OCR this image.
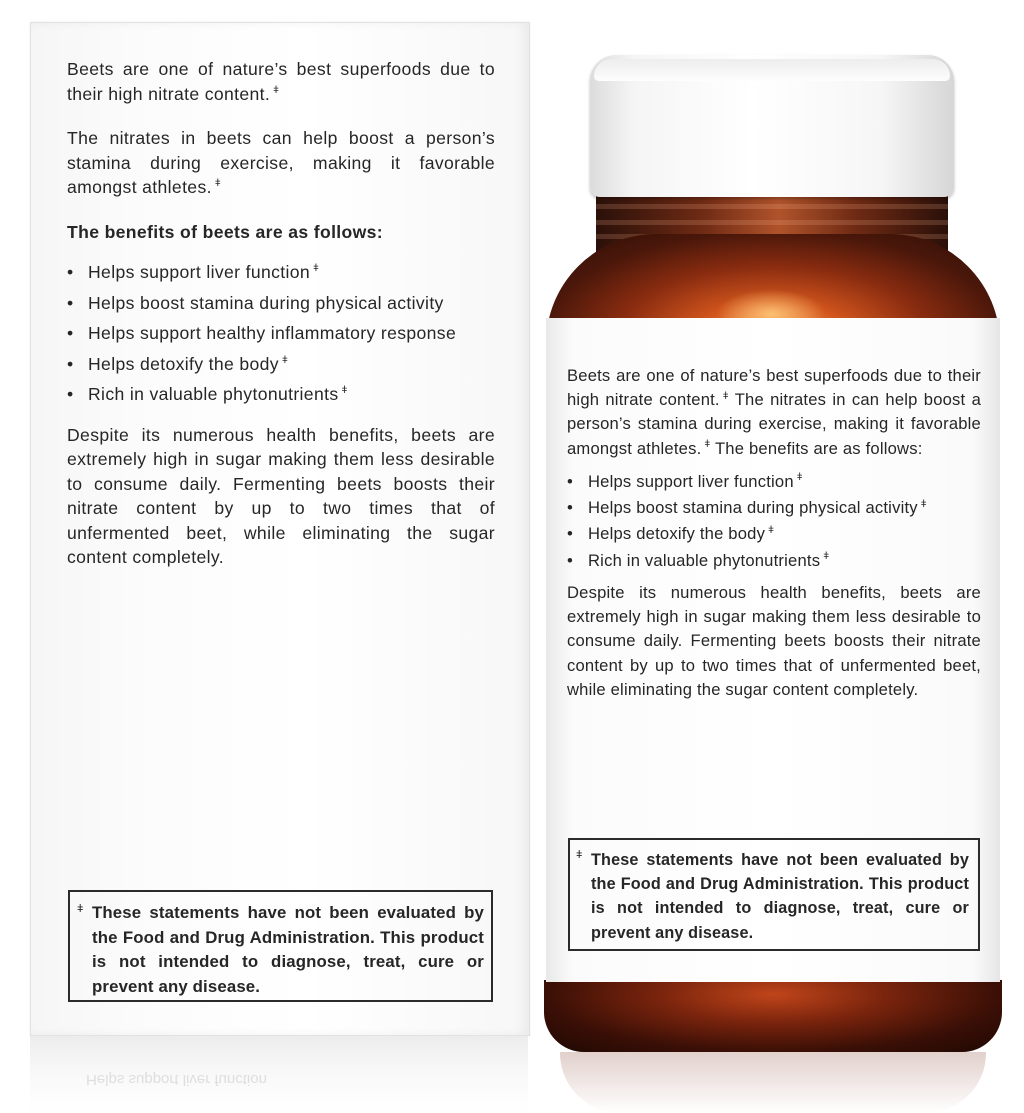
Beets are one of nature’s best superfoods due to their high nitrate content. $^ǂ$

The nitrates in beets can help boost a person’s stamina during exercise, making it favorable amongst athletes. $^ǂ$

The benefits of beets are as follows:

• Helps support liver function $^ǂ$
• Helps boost stamina during physical activity
• Helps support healthy inflammatory response
• Helps detoxify the body $^ǂ$
• Rich in valuable phytonutrients $^ǂ$

Despite its numerous health benefits, beets are extremely high in sugar making them less desirable to consume daily. Fermenting beets boosts their nitrate content by up to two times that of unfermented beet, while eliminating the sugar content completely.

ǂ These statements have not been evaluated by the Food and Drug Administration. This product is not intended to diagnose, treat, cure or prevent any disease.
Helps support liver function

Beets are one of nature’s best superfoods due to their high nitrate content. $^ǂ$ The nitrates in can help boost a person’s stamina during exercise, making it favorable amongst athletes. $^ǂ$ The benefits are as follows:

• Helps support liver function $^ǂ$
• Helps boost stamina during physical activity $^ǂ$
• Helps detoxify the body $^ǂ$
• Rich in valuable phytonutrients $^ǂ$

Despite its numerous health benefits, beets are extremely high in sugar making them less desirable to consume daily. Fermenting beets boosts their nitrate content by up to two times that of unfermented beet, while eliminating the sugar content completely.

ǂ These statements have not been evaluated by the Food and Drug Administration. This product is not intended to diagnose, treat, cure or prevent any disease.
